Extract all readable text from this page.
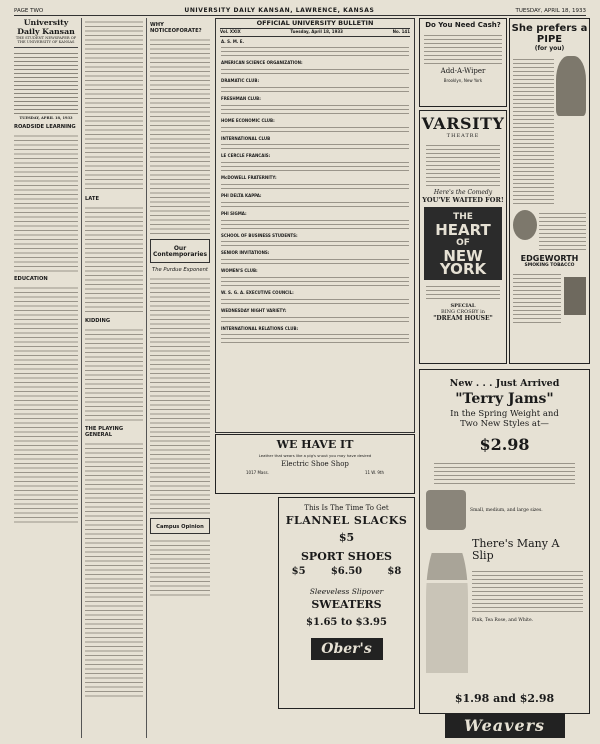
PAGE TWO	UNIVERSITY DAILY KANSAN, LAWRENCE, KANSAS	TUESDAY, APRIL 18, 1933
University Daily Kansan
THE STUDENT NEWSPAPER OF THE UNIVERSITY OF KANSAS
TUESDAY, APRIL 18, 1933
ROADSIDE LEARNING
EDUCATION
LATE
KIDDING
THE PLAYING GENERAL
WHY NOTICEOFORATE?
Our Contemporaries
The Purdue Exponent
Campus Opinion
OFFICIAL UNIVERSITY BULLETIN
Vol. XXIX	Tuesday, April 18, 1933	No. 141
A. S. M. E.
AMERICAN SCIENCE ORGANIZATION:
DRAMATIC CLUB:
FRESHMAN CLUB:
HOME ECONOMIC CLUB:
INTERNATIONAL CLUB
LE CERCLE FRANCAIS:
McDOWELL FRATERNITY:
PHI DELTA KAPPA:
PHI SIGMA:
SCHOOL OF BUSINESS STUDENTS:
SENIOR INVITATIONS:
WOMEN'S CLUB:
W. S. G. A. EXECUTIVE COUNCIL:
WEDNESDAY NIGHT VARIETY:
INTERNATIONAL RELATIONS CLUB:
WE HAVE IT
Leather that wears like a pig's snout you may have desired
Electric Shoe Shop
1017 Mass.	11 W. 9th
This Is The Time To Get
FLANNEL SLACKS
$5
SPORT SHOES
$5	$6.50	$8
Sleeveless Slipover
SWEATERS
$1.65 to $3.95
Ober's
Do You Need Cash?
Add-A-Wiper
Brooklyn, New York
VARSITY
THEATRE
Here's the Comedy
YOU'VE WAITED FOR!
THE
HEART
OF
NEW
YORK
SPECIAL
BING CROSBY in
"DREAM HOUSE"
She prefers a PIPE
(for you)
EDGEWORTH
SMOKING TOBACCO
New . . . Just Arrived
"Terry Jams"
In the Spring Weight and
Two New Styles at—
$2.98
Small, medium, and large sizes.
There's Many A Slip
Pink, Tea Rose, and White.
$1.98 and $2.98
Weavers
